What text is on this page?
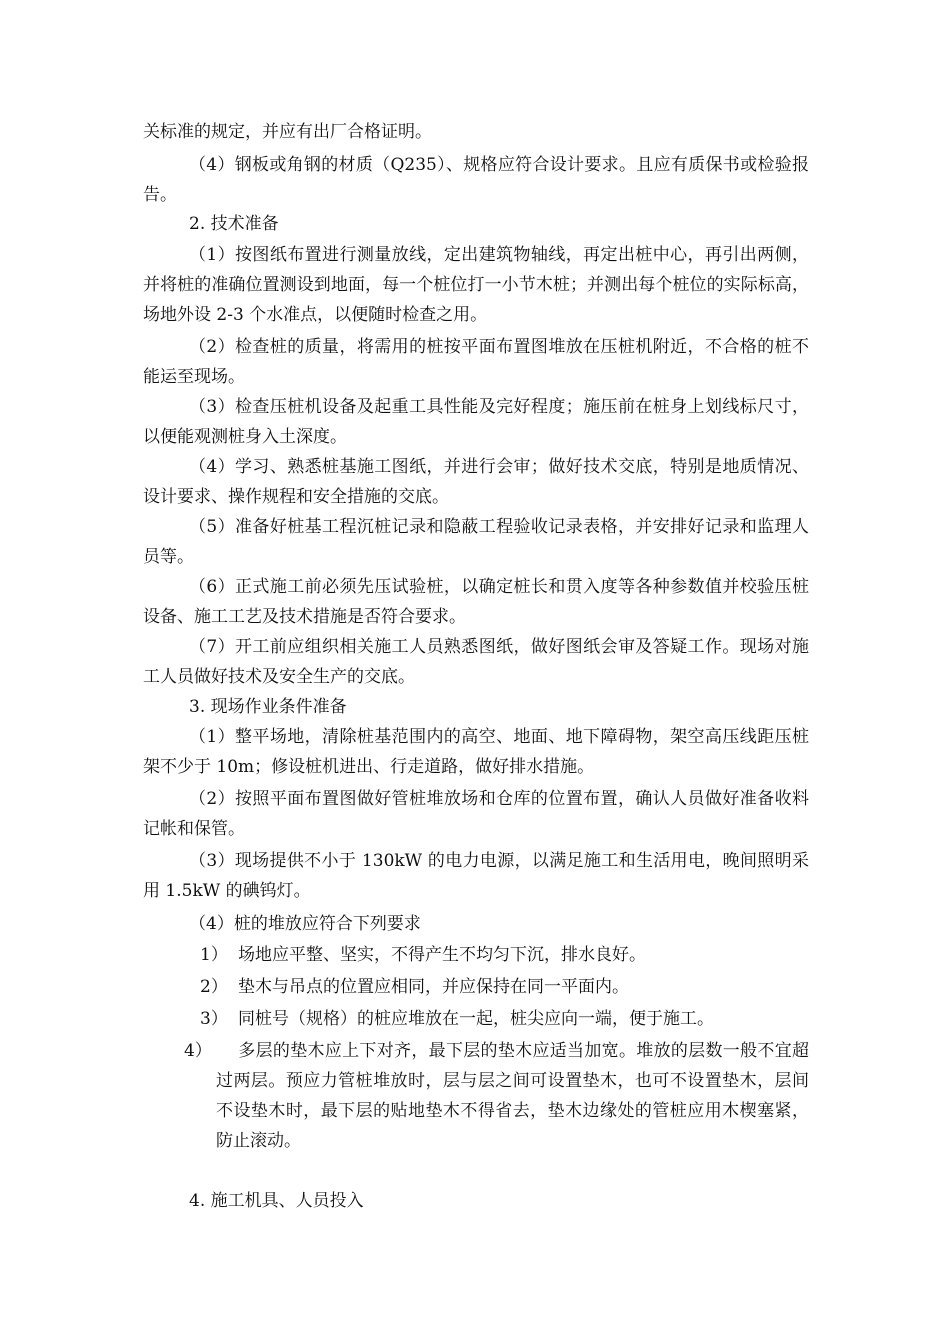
关标准的规定，并应有出厂合格证明。

（4）钢板或角钢的材质（Q235）、规格应符合设计要求。且应有质保书或检验报告。

2. 技术准备

（1）按图纸布置进行测量放线，定出建筑物轴线，再定出桩中心，再引出两侧，并将桩的准确位置测设到地面，每一个桩位打一小节木桩；并测出每个桩位的实际标高，场地外设 2-3 个水准点，以便随时检查之用。

（2）检查桩的质量，将需用的桩按平面布置图堆放在压桩机附近，不合格的桩不能运至现场。

（3）检查压桩机设备及起重工具性能及完好程度；施压前在桩身上划线标尺寸，以便能观测桩身入土深度。

（4）学习、熟悉桩基施工图纸，并进行会审；做好技术交底，特别是地质情况、设计要求、操作规程和安全措施的交底。

（5）准备好桩基工程沉桩记录和隐蔽工程验收记录表格，并安排好记录和监理人员等。

（6）正式施工前必须先压试验桩，以确定桩长和贯入度等各种参数值并校验压桩设备、施工工艺及技术措施是否符合要求。

（7）开工前应组织相关施工人员熟悉图纸，做好图纸会审及答疑工作。现场对施工人员做好技术及安全生产的交底。

3. 现场作业条件准备

（1）整平场地，清除桩基范围内的高空、地面、地下障碍物，架空高压线距压桩架不少于 10m；修设桩机进出、行走道路，做好排水措施。

（2）按照平面布置图做好管桩堆放场和仓库的位置布置，确认人员做好准备收料记帐和保管。

（3）现场提供不小于 130kW 的电力电源，以满足施工和生活用电，晚间照明采用 1.5kW 的碘钨灯。

（4）桩的堆放应符合下列要求

1） 场地应平整、坚实，不得产生不均匀下沉，排水良好。

2） 垫木与吊点的位置应相同，并应保持在同一平面内。

3） 同桩号（规格）的桩应堆放在一起，桩尖应向一端，便于施工。

4） 多层的垫木应上下对齐，最下层的垫木应适当加宽。堆放的层数一般不宜超过两层。预应力管桩堆放时，层与层之间可设置垫木，也可不设置垫木，层间不设垫木时，最下层的贴地垫木不得省去，垫木边缘处的管桩应用木楔塞紧，防止滚动。

4. 施工机具、人员投入
